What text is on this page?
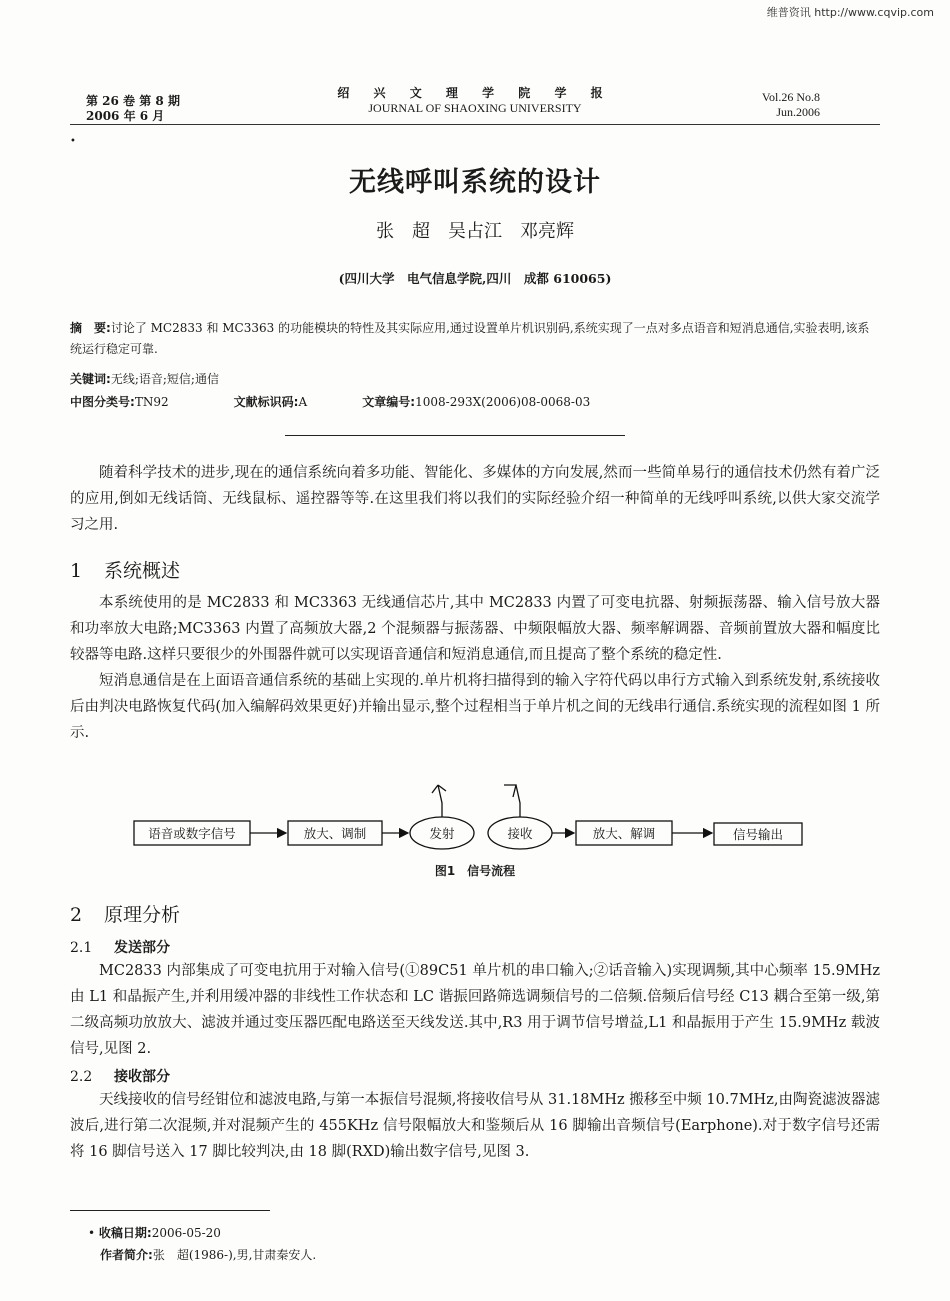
维普资讯 http://www.cqvip.com
第 26 卷 第 8 期
2006 年 6 月
绍 兴 文 理 学 院 学 报
JOURNAL OF SHAOXING UNIVERSITY
Vol.26 No.8
Jun.2006
•
无线呼叫系统的设计
张　超　吴占江　邓亮辉
(四川大学　电气信息学院,四川　成都 610065)
摘　要:讨论了 MC2833 和 MC3363 的功能模块的特性及其实际应用,通过设置单片机识别码,系统实现了一点对多点语音和短消息通信,实验表明,该系统运行稳定可靠.
关键词:无线;语音;短信;通信
中图分类号:TN92	文献标识码:A	文章编号:1008-293X(2006)08-0068-03

随着科学技术的进步,现在的通信系统向着多功能、智能化、多媒体的方向发展,然而一些简单易行的通信技术仍然有着广泛的应用,倒如无线话筒、无线鼠标、遥控器等等.在这里我们将以我们的实际经验介绍一种简单的无线呼叫系统,以供大家交流学习之用.

1 系统概述

本系统使用的是 MC2833 和 MC3363 无线通信芯片,其中 MC2833 内置了可变电抗器、射频振荡器、输入信号放大器和功率放大电路;MC3363 内置了高频放大器,2 个混频器与振荡器、中频限幅放大器、频率解调器、音频前置放大器和幅度比较器等电路.这样只要很少的外围器件就可以实现语音通信和短消息通信,而且提高了整个系统的稳定性.

短消息通信是在上面语音通信系统的基础上实现的.单片机将扫描得到的输入字符代码以串行方式输入到系统发射,系统接收后由判决电路恢复代码(加入编解码效果更好)并输出显示,整个过程相当于单片机之间的无线串行通信.系统实现的流程如图 1 所示.

语音或数字信号	放大、调制	发射	接收	放大、解调	信号输出
图1　信号流程
2 原理分析
2.1 发送部分

MC2833 内部集成了可变电抗用于对输入信号(①89C51 单片机的串口输入;②话音输入)实现调频,其中心频率 15.9MHz 由 L1 和晶振产生,并利用缓冲器的非线性工作状态和 LC 谐振回路筛选调频信号的二倍频.倍频后信号经 C13 耦合至第一级,第二级高频功放放大、滤波并通过变压器匹配电路送至天线发送.其中,R3 用于调节信号增益,L1 和晶振用于产生 15.9MHz 载波信号,见图 2.

2.2 接收部分

天线接收的信号经钳位和滤波电路,与第一本振信号混频,将接收信号从 31.18MHz 搬移至中频 10.7MHz,由陶瓷滤波器滤波后,进行第二次混频,并对混频产生的 455KHz 信号限幅放大和鉴频后从 16 脚输出音频信号(Earphone).对于数字信号还需将 16 脚信号送入 17 脚比较判决,由 18 脚(RXD)输出数字信号,见图 3.

• 收稿日期:2006-05-20
作者简介:张　超(1986-),男,甘肃秦安人.
